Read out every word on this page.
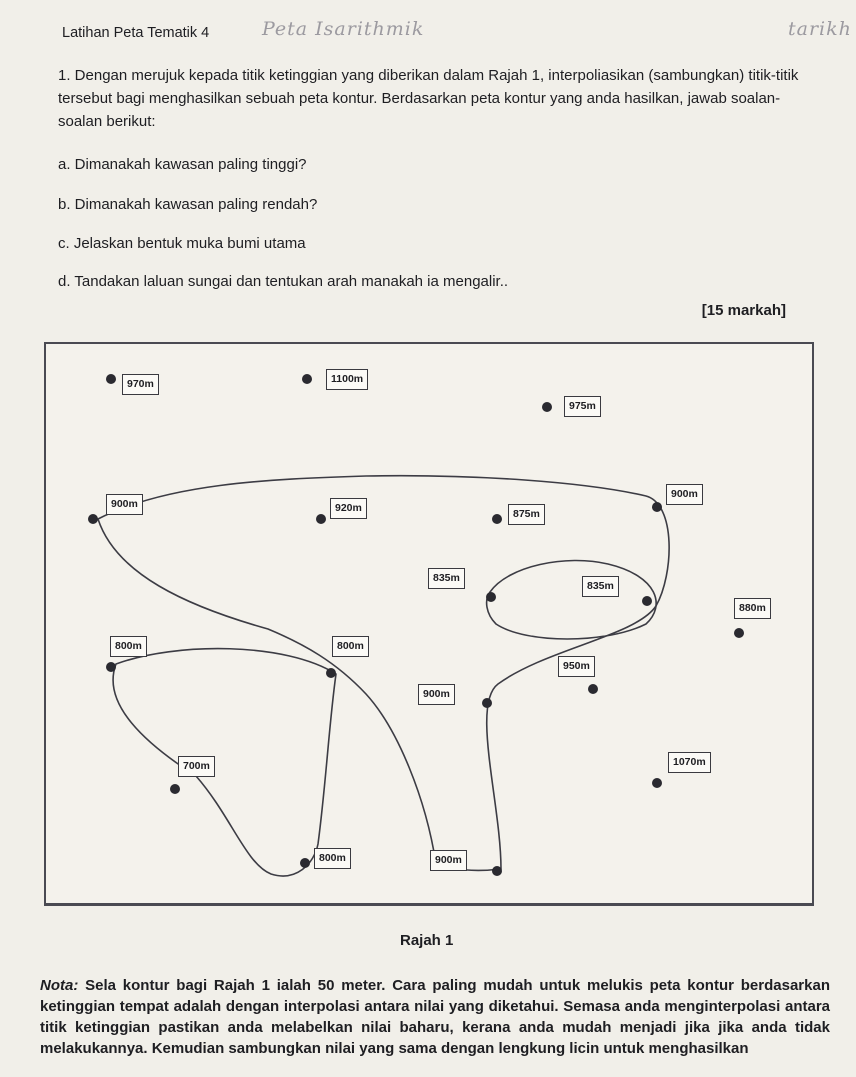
Latihan Peta Tematik 4	Peta Isarithmik	tarikh
1. Dengan merujuk kepada titik ketinggian yang diberikan dalam Rajah 1, interpoliasikan (sambungkan) titik-titik tersebut bagi menghasilkan sebuah peta kontur. Berdasarkan peta kontur yang anda hasilkan, jawab soalan-soalan berikut:
a. Dimanakah kawasan paling tinggi?
b. Dimanakah kawasan paling rendah?
c. Jelaskan bentuk muka bumi utama
d. Tandakan laluan sungai dan tentukan arah manakah ia mengalir..
[15 markah]
970m	1100m
975m
900m	920m	875m
900m
835m
835m
880m
800m	800m
950m
900m
700m	1070m
800m	900m
Rajah 1
Nota: Sela kontur bagi Rajah 1 ialah 50 meter. Cara paling mudah untuk melukis peta kontur berdasarkan ketinggian tempat adalah dengan interpolasi antara nilai yang diketahui. Semasa anda menginterpolasi antara titik ketinggian pastikan anda melabelkan nilai baharu, kerana anda mudah menjadi jika jika anda tidak melakukannya. Kemudian sambungkan nilai yang sama dengan lengkung licin untuk menghasilkan
